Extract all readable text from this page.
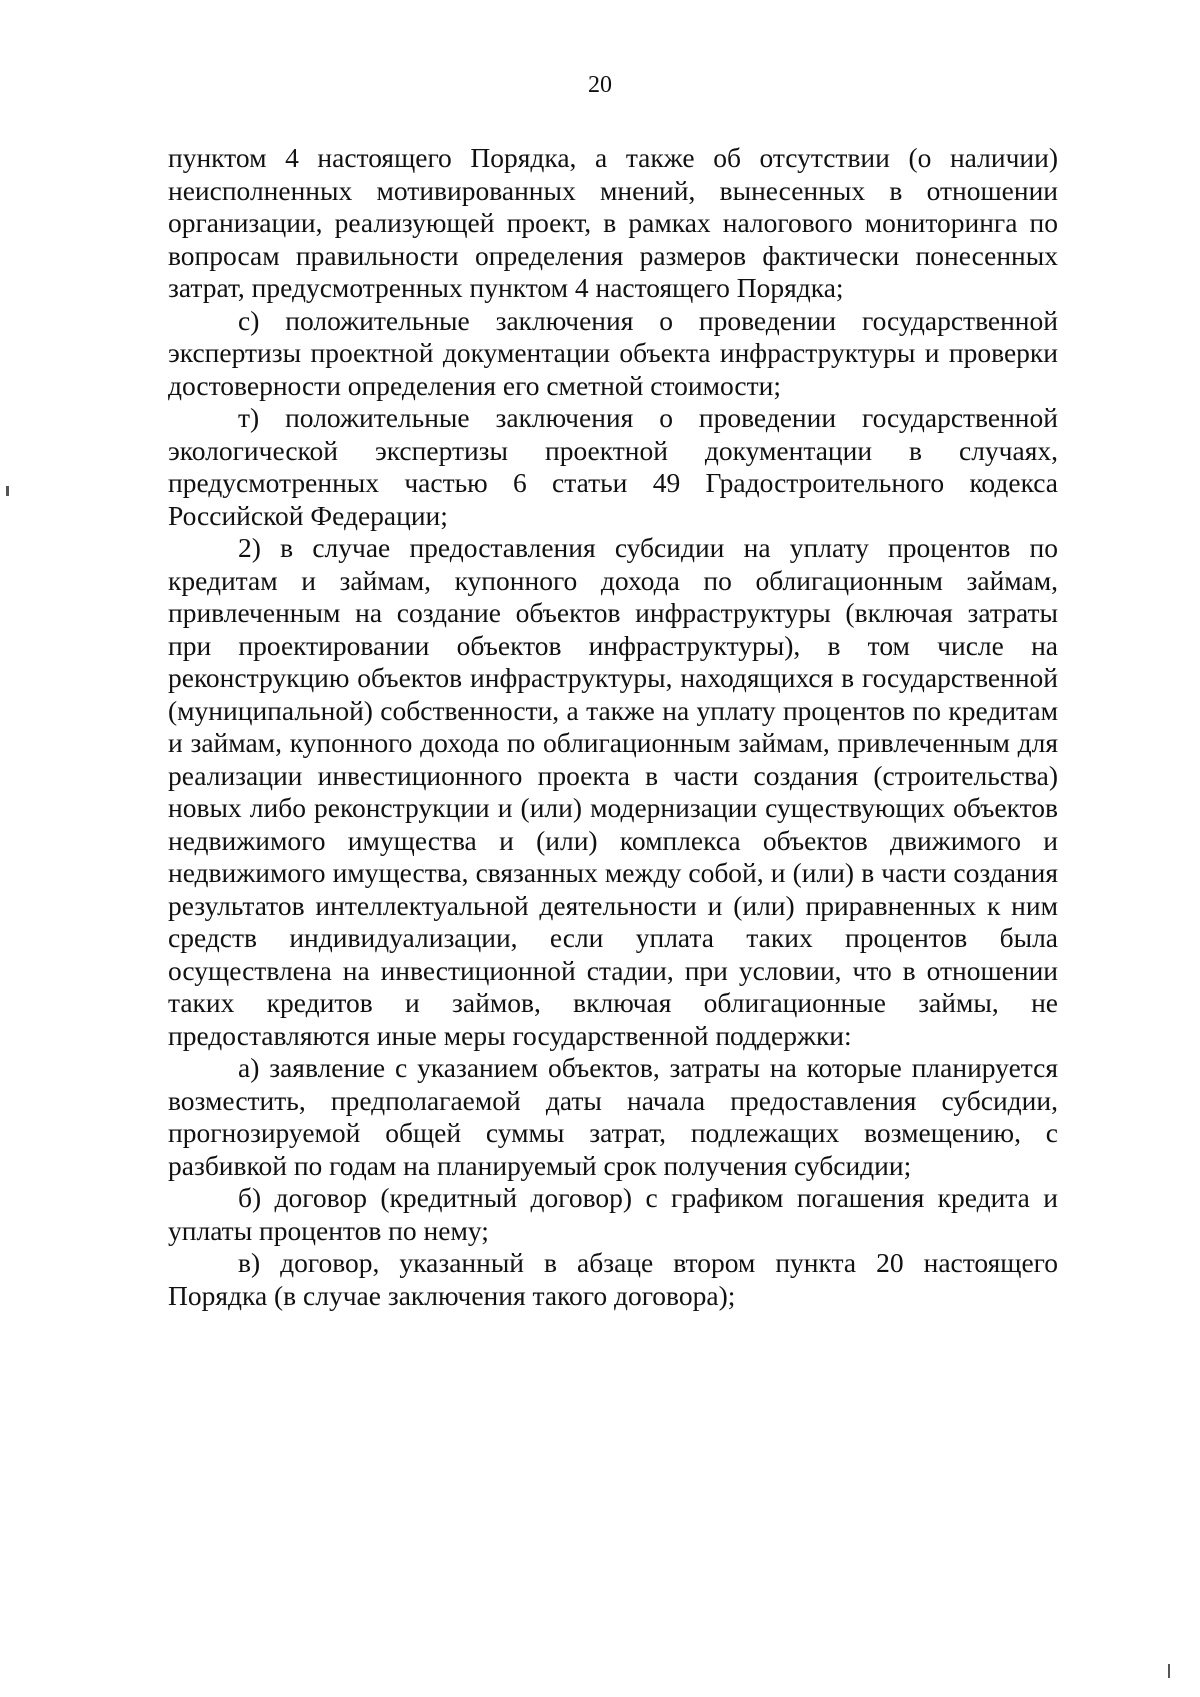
20

пунктом 4 настоящего Порядка, а также об отсутствии (о наличии) неисполненных мотивированных мнений, вынесенных в отношении организации, реализующей проект, в рамках налогового мониторинга по вопросам правильности определения размеров фактически понесенных затрат, предусмотренных пунктом 4 настоящего Порядка;

с) положительные заключения о проведении государственной экспертизы проектной документации объекта инфраструктуры и проверки достоверности определения его сметной стоимости;

т) положительные заключения о проведении государственной экологической экспертизы проектной документации в случаях, предусмотренных частью 6 статьи 49 Градостроительного кодекса Российской Федерации;

2) в случае предоставления субсидии на уплату процентов по кредитам и займам, купонного дохода по облигационным займам, привлеченным на создание объектов инфраструктуры (включая затраты при проектировании объектов инфраструктуры), в том числе на реконструкцию объектов инфраструктуры, находящихся в государственной (муниципальной) собственности, а также на уплату процентов по кредитам и займам, купонного дохода по облигационным займам, привлеченным для реализации инвестиционного проекта в части создания (строительства) новых либо реконструкции и (или) модернизации существующих объектов недвижимого имущества и (или) комплекса объектов движимого и недвижимого имущества, связанных между собой, и (или) в части создания результатов интеллектуальной деятельности и (или) приравненных к ним средств индивидуализации, если уплата таких процентов была осуществлена на инвестиционной стадии, при условии, что в отношении таких кредитов и займов, включая облигационные займы, не предоставляются иные меры государственной поддержки:

а) заявление с указанием объектов, затраты на которые планируется возместить, предполагаемой даты начала предоставления субсидии, прогнозируемой общей суммы затрат, подлежащих возмещению, с разбивкой по годам на планируемый срок получения субсидии;

б) договор (кредитный договор) с графиком погашения кредита и уплаты процентов по нему;

в) договор, указанный в абзаце втором пункта 20 настоящего Порядка (в случае заключения такого договора);
